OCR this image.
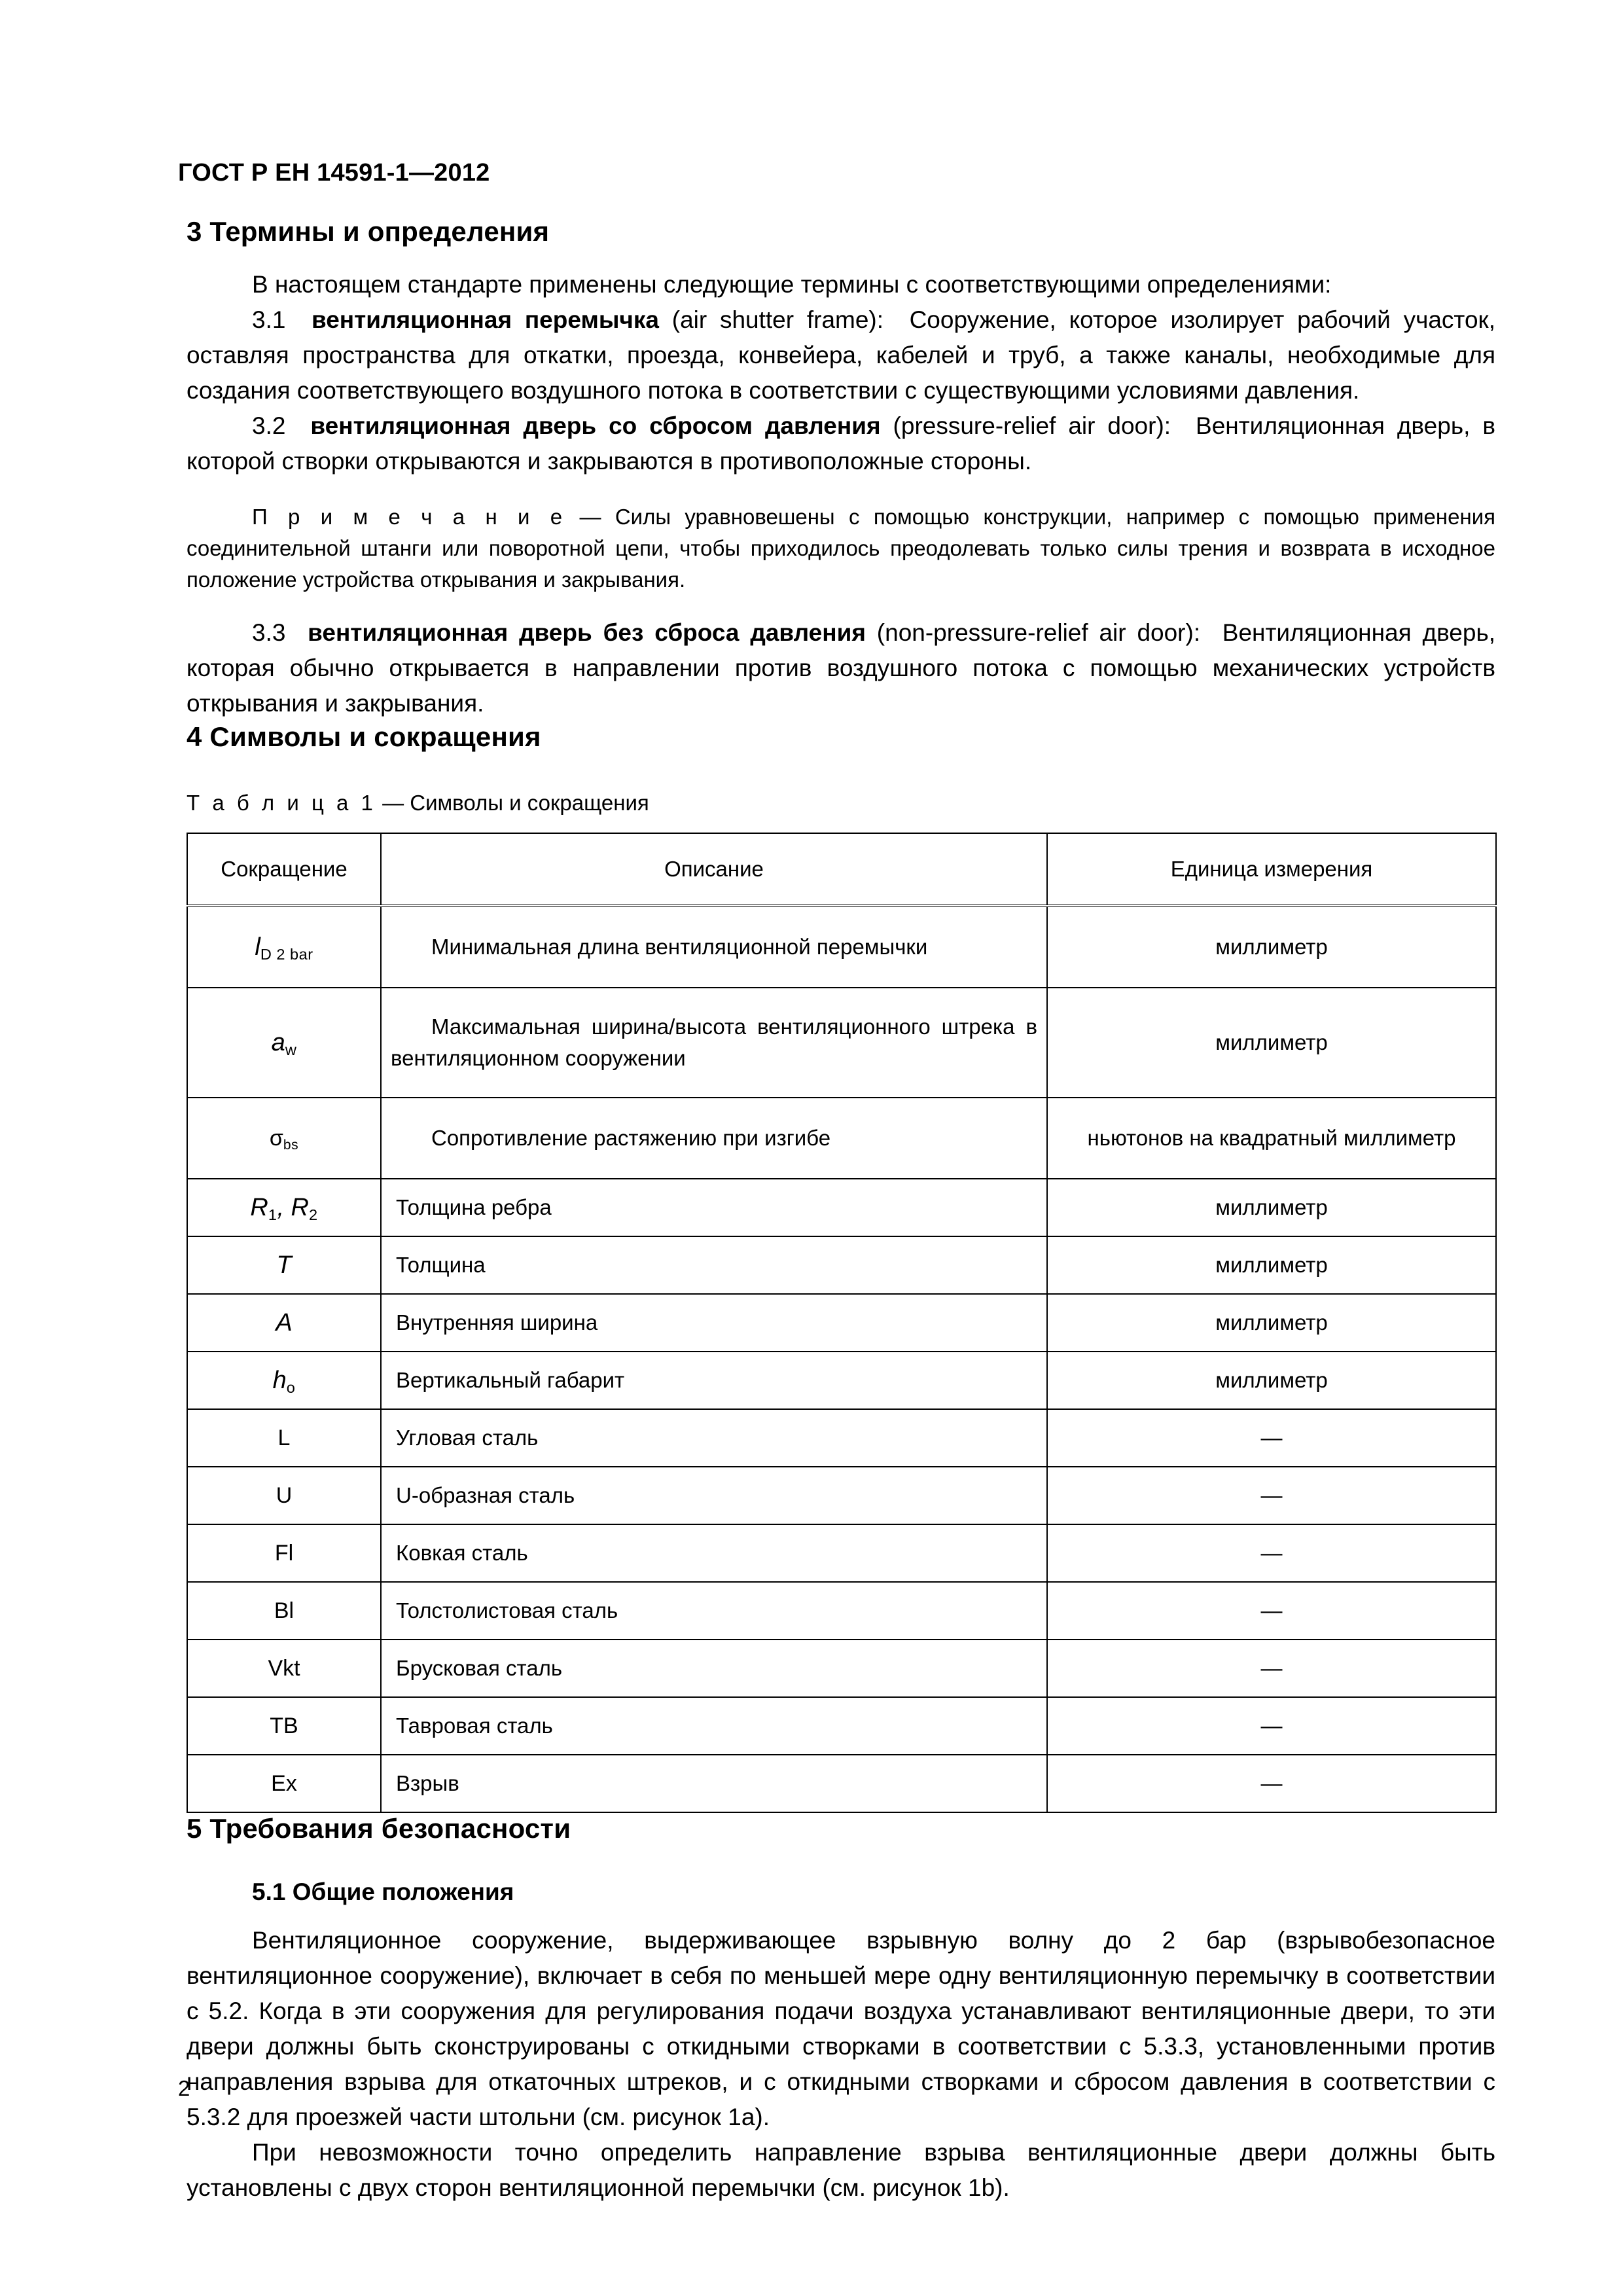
ГОСТ Р ЕН 14591-1—2012
3 Термины и определения

В настоящем стандарте применены следующие термины с соответствующими определениями:

3.1 вентиляционная перемычка (air shutter frame): Сооружение, которое изолирует рабочий участок, оставляя пространства для откатки, проезда, конвейера, кабелей и труб, а также каналы, необходимые для создания соответствующего воздушного потока в соответствии с существующими условиями давления.

3.2 вентиляционная дверь со сбросом давления (pressure-relief air door): Вентиляционная дверь, в которой створки открываются и закрываются в противоположные стороны.

П р и м е ч а н и е — Силы уравновешены с помощью конструкции, например с помощью применения соединительной штанги или поворотной цепи, чтобы приходилось преодолевать только силы трения и возврата в исходное положение устройства открывания и закрывания.

3.3 вентиляционная дверь без сброса давления (non-pressure-relief air door): Вентиляционная дверь, которая обычно открывается в направлении против воздушного потока с помощью механических устройств открывания и закрывания.

4 Символы и сокращения

Т а б л и ц а 1 — Символы и сокращения

Сокращение	Описание	Единица измерения
$l_{D 2 bar}$	Минимальная длина вентиляционной перемычки	миллиметр
$a_w$	Максимальная ширина/высота вентиляционного штрека в вентиляционном сооружении	миллиметр
$\sigma_{bs}$	Сопротивление растяжению при изгибе	ньютонов на квадратный миллиметр
$R_1$, $R_2$	Толщина ребра	миллиметр
T	Толщина	миллиметр
A	Внутренняя ширина	миллиметр
$h_o$	Вертикальный габарит	миллиметр
L	Угловая сталь	—
U	U-образная сталь	—
Fl	Ковкая сталь	—
Bl	Толстолистовая сталь	—
Vkt	Брусковая сталь	—
TB	Тавровая сталь	—
Ex	Взрыв	—
5 Требования безопасности
5.1 Общие положения

Вентиляционное сооружение, выдерживающее взрывную волну до 2 бар (взрывобезопасное вентиляционное сооружение), включает в себя по меньшей мере одну вентиляционную перемычку в соответствии с 5.2. Когда в эти сооружения для регулирования подачи воздуха устанавливают вентиляционные двери, то эти двери должны быть сконструированы с откидными створками в соответствии с 5.3.3, установленными против направления взрыва для откаточных штреков, и с откидными створками и сбросом давления в соответствии с 5.3.2 для проезжей части штольни (см. рисунок 1а).

При невозможности точно определить направление взрыва вентиляционные двери должны быть установлены с двух сторон вентиляционной перемычки (см. рисунок 1b).

2
